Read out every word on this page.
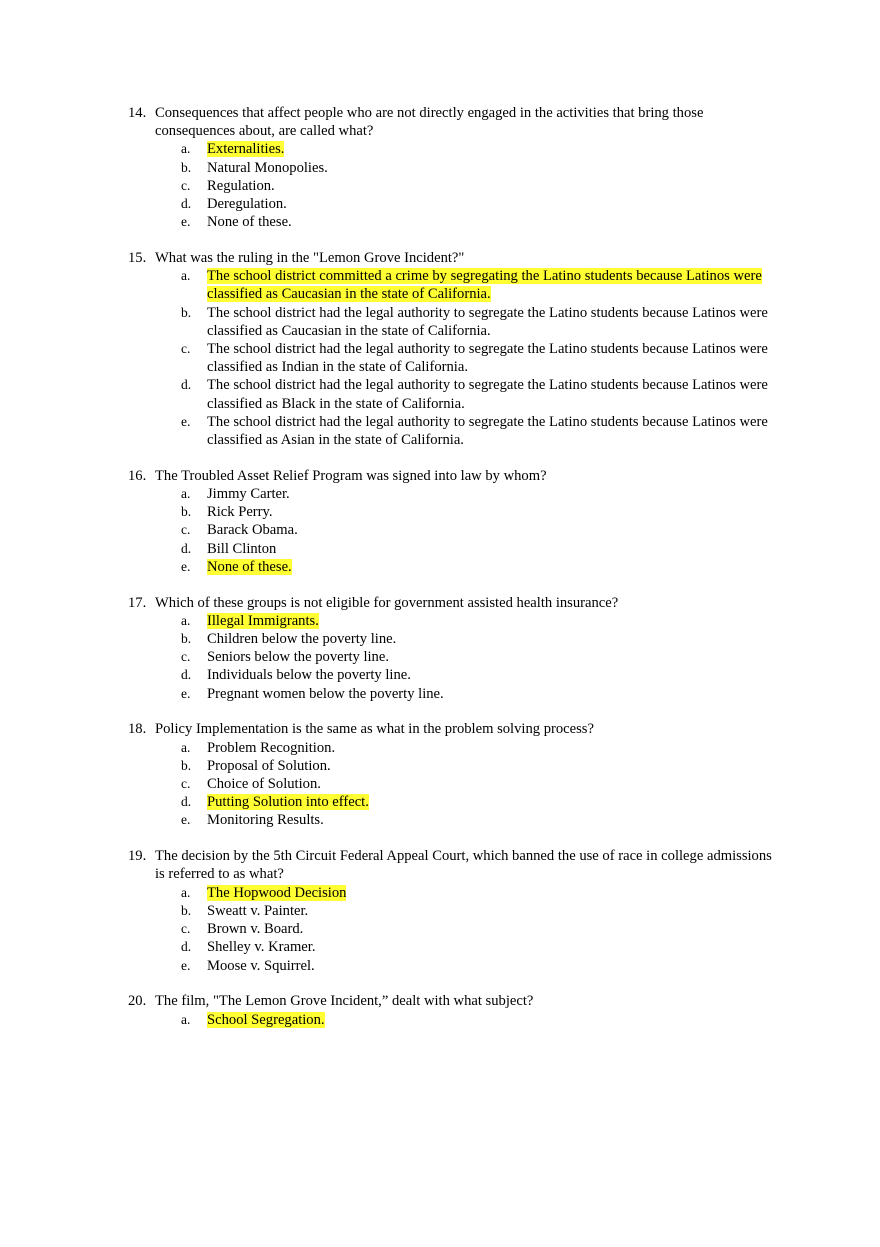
14. Consequences that affect people who are not directly engaged in the activities that bring those consequences about, are called what?
a. Externalities.
b. Natural Monopolies.
c. Regulation.
d. Deregulation.
e. None of these.
15. What was the ruling in the "Lemon Grove Incident?"
a. The school district committed a crime by segregating the Latino students because Latinos were classified as Caucasian in the state of California.
b. The school district had the legal authority to segregate the Latino students because Latinos were classified as Caucasian in the state of California.
c. The school district had the legal authority to segregate the Latino students because Latinos were classified as Indian in the state of California.
d. The school district had the legal authority to segregate the Latino students because Latinos were classified as Black in the state of California.
e. The school district had the legal authority to segregate the Latino students because Latinos were classified as Asian in the state of California.
16. The Troubled Asset Relief Program was signed into law by whom?
a. Jimmy Carter.
b. Rick Perry.
c. Barack Obama.
d. Bill Clinton
e. None of these.
17. Which of these groups is not eligible for government assisted health insurance?
a. Illegal Immigrants.
b. Children below the poverty line.
c. Seniors below the poverty line.
d. Individuals below the poverty line.
e. Pregnant women below the poverty line.
18. Policy Implementation is the same as what in the problem solving process?
a. Problem Recognition.
b. Proposal of Solution.
c. Choice of Solution.
d. Putting Solution into effect.
e. Monitoring Results.
19. The decision by the 5th Circuit Federal Appeal Court, which banned the use of race in college admissions is referred to as what?
a. The Hopwood Decision
b. Sweatt v. Painter.
c. Brown v. Board.
d. Shelley v. Kramer.
e. Moose v. Squirrel.
20. The film, "The Lemon Grove Incident,” dealt with what subject?
a. School Segregation.
